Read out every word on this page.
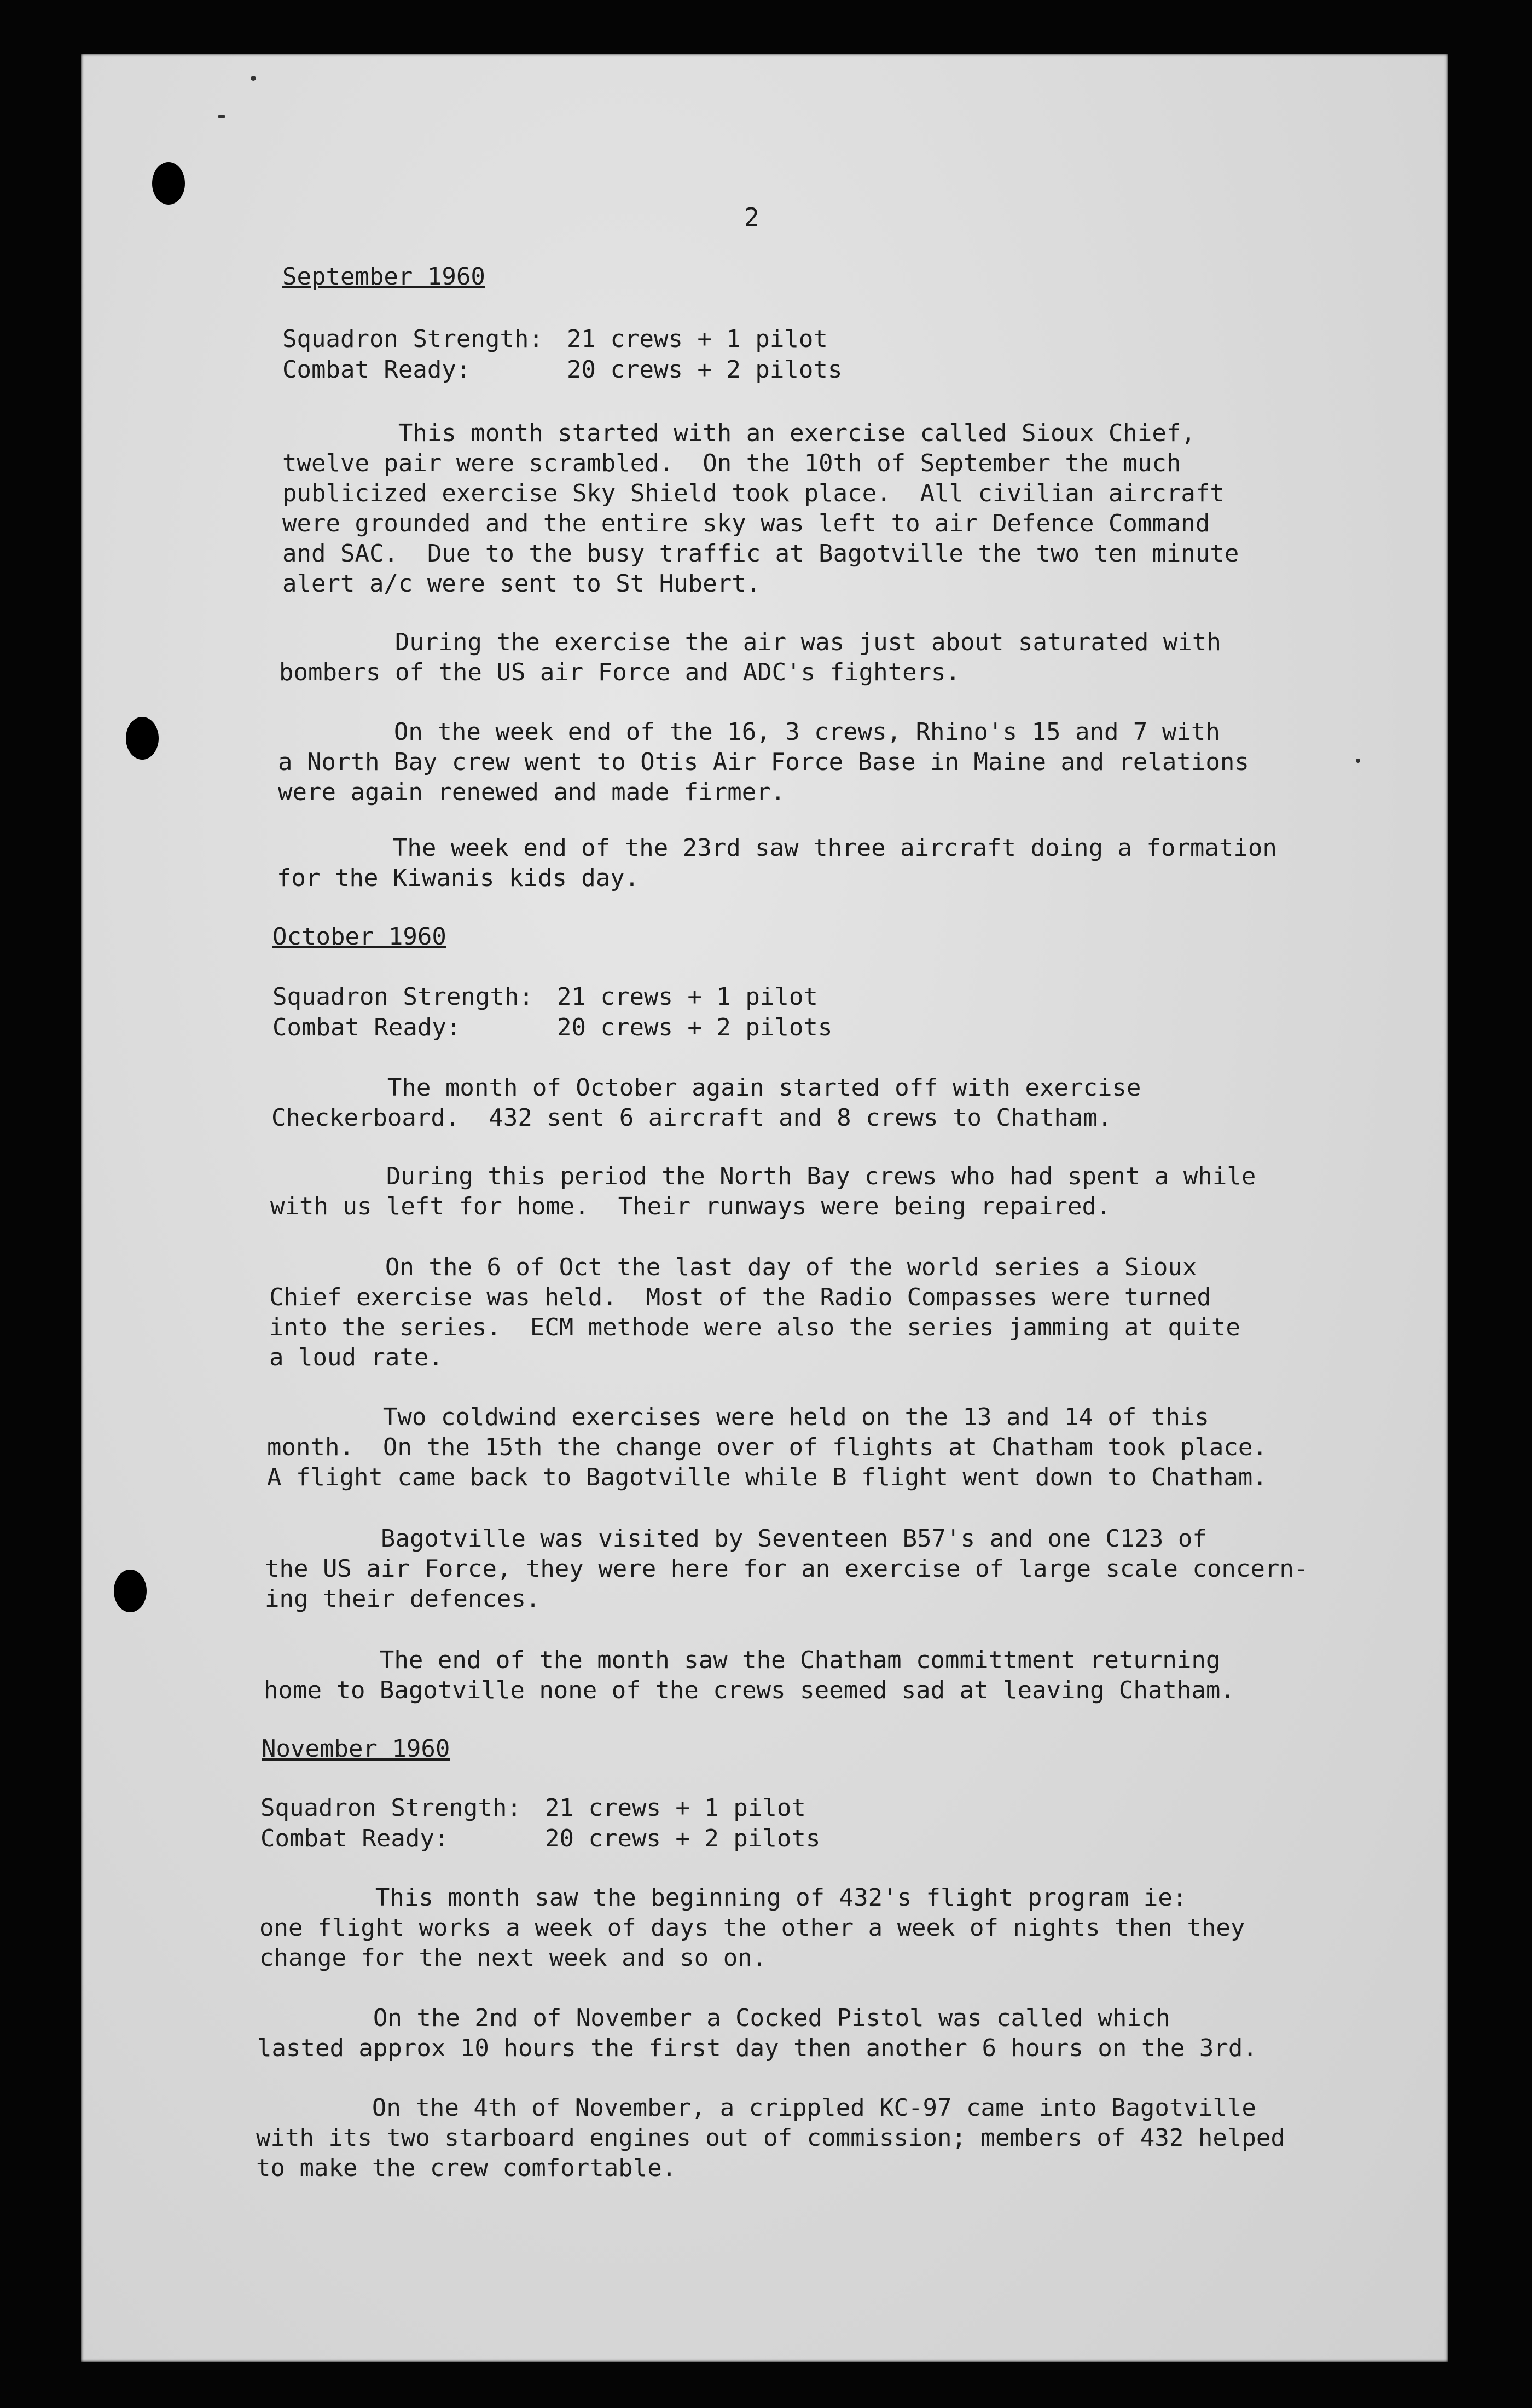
2
September 1960
Squadron Strength: 21 crews + 1 pilot
Combat Ready:	20 crews + 2 pilots
This month started with an exercise called Sioux Chief,
twelve pair were scrambled.  On the 10th of September the much
publicized exercise Sky Shield took place.  All civilian aircraft
were grounded and the entire sky was left to air Defence Command
and SAC.  Due to the busy traffic at Bagotville the two ten minute
alert a/c were sent to St Hubert.
During the exercise the air was just about saturated with
bombers of the US air Force and ADC's fighters.
On the week end of the 16, 3 crews, Rhino's 15 and 7 with
a North Bay crew went to Otis Air Force Base in Maine and relations
were again renewed and made firmer.
The week end of the 23rd saw three aircraft doing a formation
for the Kiwanis kids day.
October 1960
Squadron Strength: 21 crews + 1 pilot
Combat Ready:	20 crews + 2 pilots
The month of October again started off with exercise
Checkerboard.  432 sent 6 aircraft and 8 crews to Chatham.
During this period the North Bay crews who had spent a while
with us left for home.  Their runways were being repaired.
On the 6 of Oct the last day of the world series a Sioux
Chief exercise was held.  Most of the Radio Compasses were turned
into the series.  ECM methode were also the series jamming at quite
a loud rate.
Two coldwind exercises were held on the 13 and 14 of this
month.  On the 15th the change over of flights at Chatham took place.
A flight came back to Bagotville while B flight went down to Chatham.
Bagotville was visited by Seventeen B57's and one C123 of
the US air Force, they were here for an exercise of large scale concern-
ing their defences.
The end of the month saw the Chatham committment returning
home to Bagotville none of the crews seemed sad at leaving Chatham.
November 1960
Squadron Strength: 21 crews + 1 pilot
Combat Ready:	20 crews + 2 pilots
This month saw the beginning of 432's flight program ie:
one flight works a week of days the other a week of nights then they
change for the next week and so on.
On the 2nd of November a Cocked Pistol was called which
lasted approx 10 hours the first day then another 6 hours on the 3rd.
On the 4th of November, a crippled KC-97 came into Bagotville
with its two starboard engines out of commission; members of 432 helped
to make the crew comfortable.
